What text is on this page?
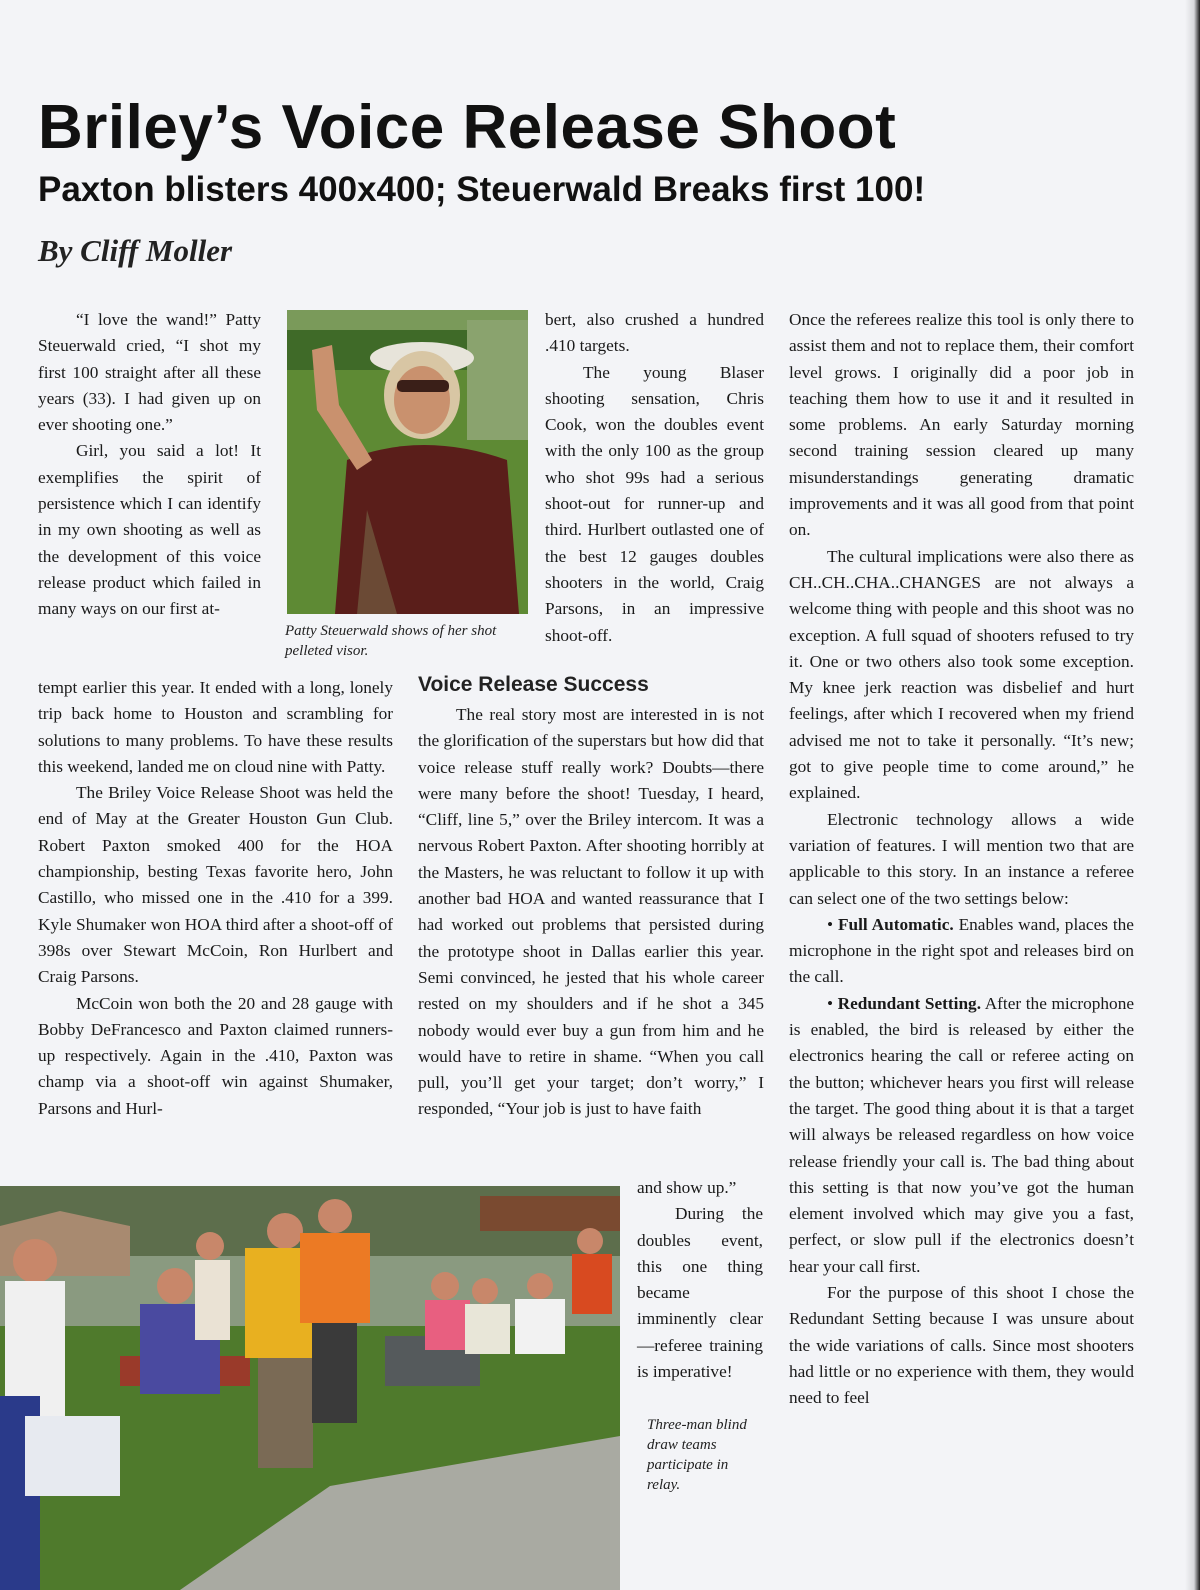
Briley’s Voice Release Shoot
Paxton blisters 400x400; Steuerwald Breaks first 100!
By Cliff Moller

“I love the wand!” Patty Steuerwald cried, “I shot my first 100 straight after all these years (33). I had given up on ever shooting one.”

Girl, you said a lot! It exemplifies the spirit of persistence which I can identify in my own shooting as well as the development of this voice release product which failed in many ways on our first at-

Patty Steuerwald shows of her shot pelleted visor.

tempt earlier this year. It ended with a long, lonely trip back home to Houston and scrambling for solutions to many problems. To have these results this weekend, landed me on cloud nine with Patty.

The Briley Voice Release Shoot was held the end of May at the Greater Houston Gun Club. Robert Paxton smoked 400 for the HOA championship, besting Texas favorite hero, John Castillo, who missed one in the .410 for a 399. Kyle Shumaker won HOA third after a shoot-off of 398s over Stewart McCoin, Ron Hurlbert and Craig Parsons.

McCoin won both the 20 and 28 gauge with Bobby DeFrancesco and Paxton claimed runners-up respectively. Again in the .410, Paxton was champ via a shoot-off win against Shumaker, Parsons and Hurl-

bert, also crushed a hundred .410 targets.

The young Blaser shooting sensation, Chris Cook, won the doubles event with the only 100 as the group who shot 99s had a serious shoot-out for runner-up and third. Hurlbert outlasted one of the best 12 gauges doubles shooters in the world, Craig Parsons, in an impressive shoot-off.

Voice Release Success

The real story most are interested in is not the glorification of the superstars but how did that voice release stuff really work? Doubts—there were many before the shoot! Tuesday, I heard, “Cliff, line 5,” over the Briley intercom. It was a nervous Robert Paxton. After shooting horribly at the Masters, he was reluctant to follow it up with another bad HOA and wanted reassurance that I had worked out problems that persisted during the prototype shoot in Dallas earlier this year. Semi convinced, he jested that his whole career rested on my shoulders and if he shot a 345 nobody would ever buy a gun from him and he would have to retire in shame. “When you call pull, you’ll get your target; don’t worry,” I responded, “Your job is just to have faith

and show up.”

During the doubles event, this one thing became imminently clear—referee training is imperative!

Three-man blind draw teams participate in relay.

Once the referees realize this tool is only there to assist them and not to replace them, their comfort level grows. I originally did a poor job in teaching them how to use it and it resulted in some problems. An early Saturday morning second training session cleared up many misunderstandings generating dramatic improvements and it was all good from that point on.

The cultural implications were also there as CH..CH..CHA..CHANGES are not always a welcome thing with people and this shoot was no exception. A full squad of shooters refused to try it. One or two others also took some exception. My knee jerk reaction was disbelief and hurt feelings, after which I recovered when my friend advised me not to take it personally. “It’s new; got to give people time to come around,” he explained.

Electronic technology allows a wide variation of features. I will mention two that are applicable to this story. In an instance a referee can select one of the two settings below:

• Full Automatic. Enables wand, places the microphone in the right spot and releases bird on the call.

• Redundant Setting. After the microphone is enabled, the bird is released by either the electronics hearing the call or referee acting on the button; whichever hears you first will release the target. The good thing about it is that a target will always be released regardless on how voice release friendly your call is. The bad thing about this setting is that now you’ve got the human element involved which may give you a fast, perfect, or slow pull if the electronics doesn’t hear your call first.

For the purpose of this shoot I chose the Redundant Setting because I was unsure about the wide variations of calls. Since most shooters had little or no experience with them, they would need to feel
